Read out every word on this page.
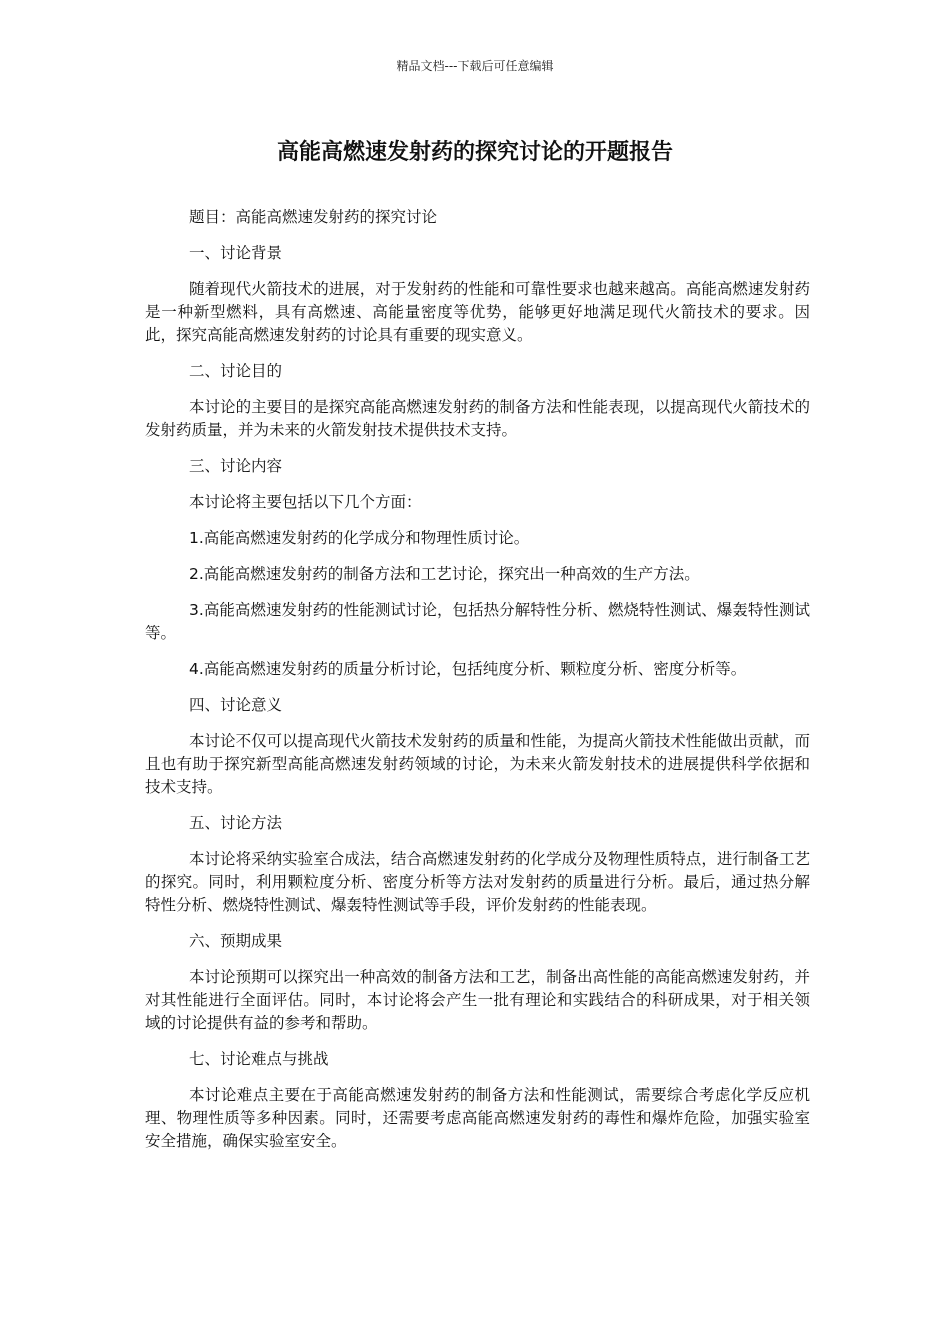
精品文档---下载后可任意编辑
高能高燃速发射药的探究讨论的开题报告

题目：高能高燃速发射药的探究讨论

一、讨论背景

随着现代火箭技术的进展，对于发射药的性能和可靠性要求也越来越高。高能高燃速发射药是一种新型燃料，具有高燃速、高能量密度等优势，能够更好地满足现代火箭技术的要求。因此，探究高能高燃速发射药的讨论具有重要的现实意义。

二、讨论目的

本讨论的主要目的是探究高能高燃速发射药的制备方法和性能表现，以提高现代火箭技术的发射药质量，并为未来的火箭发射技术提供技术支持。

三、讨论内容

本讨论将主要包括以下几个方面：

1.高能高燃速发射药的化学成分和物理性质讨论。

2.高能高燃速发射药的制备方法和工艺讨论，探究出一种高效的生产方法。

3.高能高燃速发射药的性能测试讨论，包括热分解特性分析、燃烧特性测试、爆轰特性测试等。

4.高能高燃速发射药的质量分析讨论，包括纯度分析、颗粒度分析、密度分析等。

四、讨论意义

本讨论不仅可以提高现代火箭技术发射药的质量和性能，为提高火箭技术性能做出贡献，而且也有助于探究新型高能高燃速发射药领域的讨论，为未来火箭发射技术的进展提供科学依据和技术支持。

五、讨论方法

本讨论将采纳实验室合成法，结合高燃速发射药的化学成分及物理性质特点，进行制备工艺的探究。同时，利用颗粒度分析、密度分析等方法对发射药的质量进行分析。最后，通过热分解特性分析、燃烧特性测试、爆轰特性测试等手段，评价发射药的性能表现。

六、预期成果

本讨论预期可以探究出一种高效的制备方法和工艺，制备出高性能的高能高燃速发射药，并对其性能进行全面评估。同时，本讨论将会产生一批有理论和实践结合的科研成果，对于相关领域的讨论提供有益的参考和帮助。

七、讨论难点与挑战

本讨论难点主要在于高能高燃速发射药的制备方法和性能测试，需要综合考虑化学反应机理、物理性质等多种因素。同时，还需要考虑高能高燃速发射药的毒性和爆炸危险，加强实验室安全措施，确保实验室安全。
